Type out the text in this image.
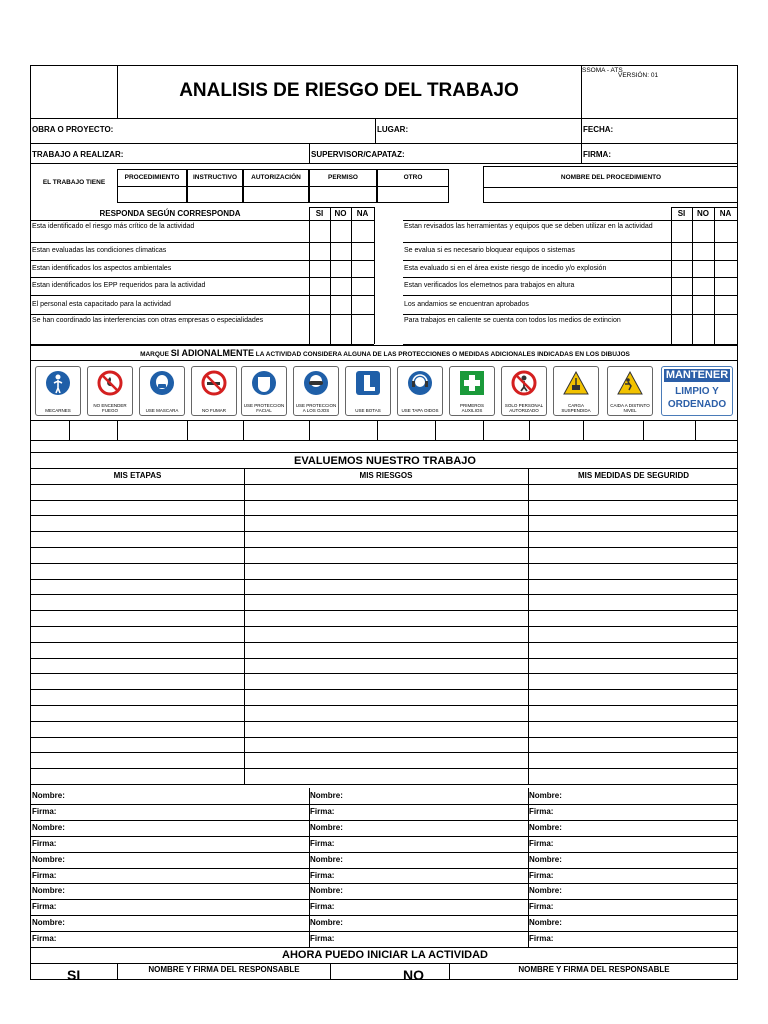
ANALISIS DE RIESGO DEL TRABAJO
SSOMA - ATS
VERSIÓN: 01
OBRA O PROYECTO:	LUGAR:	FECHA:
TRABAJO A REALIZAR:	SUPERVISOR/CAPATAZ:	FIRMA:
EL TRABAJO TIENE
PROCEDIMIENTO	INSTRUCTIVO	AUTORIZACIÓN	PERMISO	OTRO	NOMBRE DEL PROCEDIMIENTO
RESPONDA SEGÚN CORRESPONDA	SI	NO	NA
Esta identificado el riesgo más crítico de la actividad
Estan evaluadas las condiciones climaticas
Estan identificados los aspectos ambientales
Estan identificados los EPP requeridos para la actividad
El personal esta capacitado para la actividad
Se han coordinado las interferencias con otras empresas o especialidades
SI	NO	NA
Estan revisados las herramientas y equipos que se deben utilizar en la actividad
Se evalua si es necesario bloquear equipos o sistemas
Esta evaluado si en el área existe riesgo de incedio y/o explosión
Estan verificados los elemetnos para trabajos en altura
Los andamios se encuentran aprobados
Para trabajos en caliente se cuenta con todos los medios de extincion
MARQUE SI ADIONALMENTE LA ACTIVIDAD CONSIDERA ALGUNA DE LAS PROTECCIONES O MEDIDAS ADICIONALES INDICADAS EN LOS DIBUJOS
MECARNES
NO ENCENDER FUEGO	USE MASCARA	NO FUMAR
USE PROTECCION FACIAL
USE PROTECCION A LOS OJOS	USE BOTAS	USE TAPA OIDOS
PRIMEROS AUXILIOS
SOLO PERSONAL AUTORIZADO
CARGA SUSPENDIDA
CAIDA A DISTINTO NIVEL
MANTENER
LIMPIO Y
ORDENADO
EVALUEMOS NUESTRO TRABAJO
MIS ETAPAS	MIS RIESGOS	MIS MEDIDAS DE SEGURIDD
Nombre:	Nombre:	Nombre:
Firma:	Firma:	Firma:
Nombre:	Nombre:	Nombre:
Firma:	Firma:	Firma:
Nombre:	Nombre:	Nombre:
Firma:	Firma:	Firma:
Nombre:	Nombre:	Nombre:
Firma:	Firma:	Firma:
Nombre:	Nombre:	Nombre:
Firma:	Firma:	Firma:
AHORA PUEDO INICIAR LA ACTIVIDAD
SI	NOMBRE Y FIRMA DEL RESPONSABLE	NO	NOMBRE Y FIRMA DEL RESPONSABLE
